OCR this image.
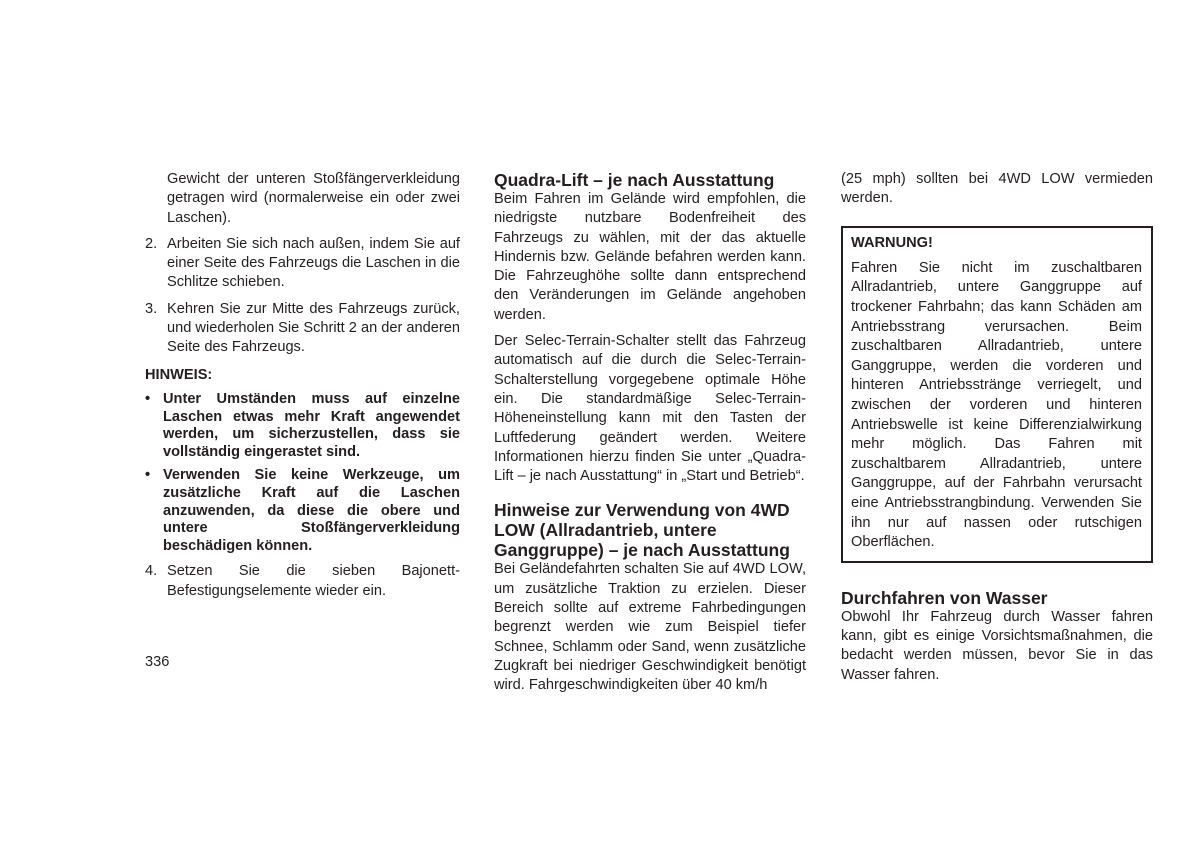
Gewicht der unteren Stoßfängerverkleidung getragen wird (normalerweise ein oder zwei Laschen).

2. Arbeiten Sie sich nach außen, indem Sie auf einer Seite des Fahrzeugs die Laschen in die Schlitze schieben.

3. Kehren Sie zur Mitte des Fahrzeugs zurück, und wiederholen Sie Schritt 2 an der anderen Seite des Fahrzeugs.

HINWEIS:
• Unter Umständen muss auf einzelne Laschen etwas mehr Kraft angewendet werden, um sicherzustellen, dass sie vollständig eingerastet sind.

• Verwenden Sie keine Werkzeuge, um zusätzliche Kraft auf die Laschen anzuwenden, da diese die obere und untere Stoßfängerverkleidung beschädigen können.

4. Setzen Sie die sieben Bajonett-Befestigungselemente wieder ein.

Quadra-Lift – je nach Ausstattung

Beim Fahren im Gelände wird empfohlen, die niedrigste nutzbare Bodenfreiheit des Fahrzeugs zu wählen, mit der das aktuelle Hindernis bzw. Gelände befahren werden kann. Die Fahrzeughöhe sollte dann entsprechend den Veränderungen im Gelände angehoben werden.

Der Selec-Terrain-Schalter stellt das Fahrzeug automatisch auf die durch die Selec-Terrain-Schalterstellung vorgegebene optimale Höhe ein. Die standardmäßige Selec-Terrain-Höheneinstellung kann mit den Tasten der Luftfederung geändert werden. Weitere Informationen hierzu finden Sie unter „Quadra-Lift – je nach Ausstattung“ in „Start und Betrieb“.

Hinweise zur Verwendung von 4WD LOW (Allradantrieb, untere Ganggruppe) – je nach Ausstattung

Bei Geländefahrten schalten Sie auf 4WD LOW, um zusätzliche Traktion zu erzielen. Dieser Bereich sollte auf extreme Fahrbedingungen begrenzt werden wie zum Beispiel tiefer Schnee, Schlamm oder Sand, wenn zusätzliche Zugkraft bei niedriger Geschwindigkeit benötigt wird. Fahrgeschwindigkeiten über 40 km/h

(25 mph) sollten bei 4WD LOW vermieden werden.

WARNUNG!

Fahren Sie nicht im zuschaltbaren Allradantrieb, untere Ganggruppe auf trockener Fahrbahn; das kann Schäden am Antriebsstrang verursachen. Beim zuschaltbaren Allradantrieb, untere Ganggruppe, werden die vorderen und hinteren Antriebsstränge verriegelt, und zwischen der vorderen und hinteren Antriebswelle ist keine Differenzialwirkung mehr möglich. Das Fahren mit zuschaltbarem Allradantrieb, untere Ganggruppe, auf der Fahrbahn verursacht eine Antriebsstrangbindung. Verwenden Sie ihn nur auf nassen oder rutschigen Oberflächen.

Durchfahren von Wasser

Obwohl Ihr Fahrzeug durch Wasser fahren kann, gibt es einige Vorsichtsmaßnahmen, die bedacht werden müssen, bevor Sie in das Wasser fahren.

336
